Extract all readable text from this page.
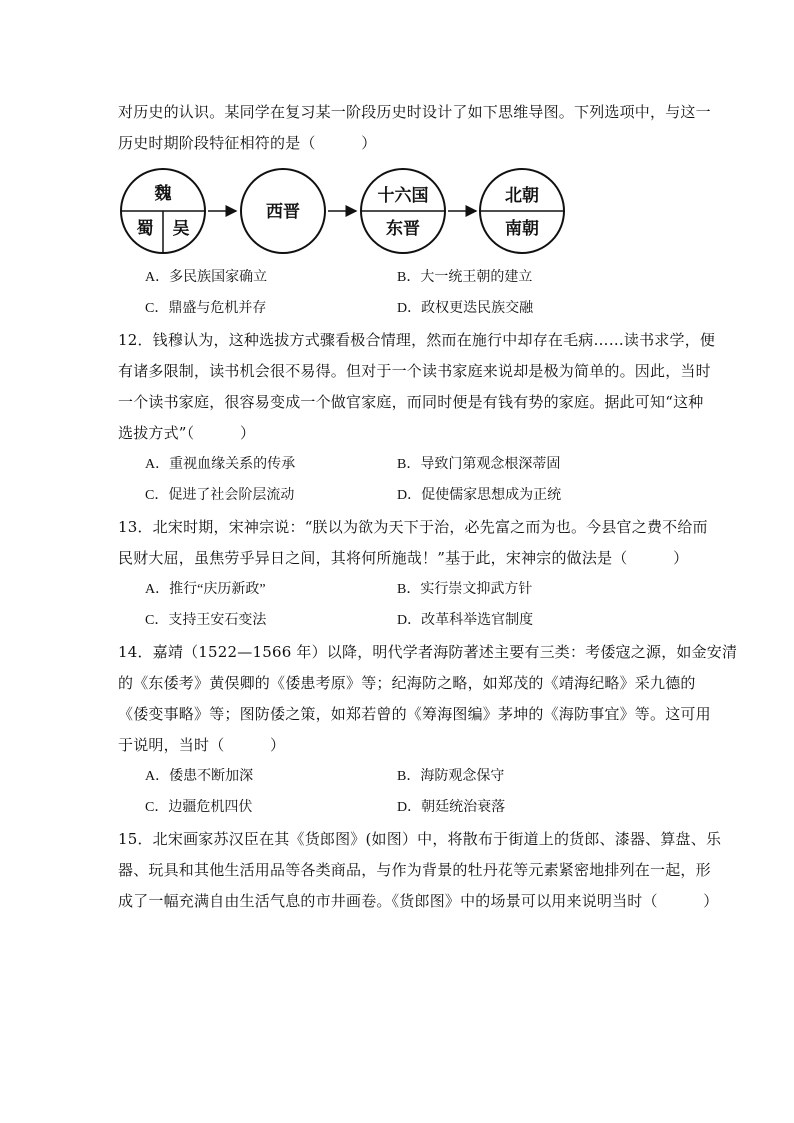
对历史的认识。某同学在复习某一阶段历史时设计了如下思维导图。下列选项中，与这一
历史时期阶段特征相符的是（　　　）
魏
蜀 吴
西晋
十六国
东晋
北朝
南朝
A．多民族国家确立	B．大一统王朝的建立
C．鼎盛与危机并存	D．政权更迭民族交融
12．钱穆认为，这种选拔方式骤看极合情理，然而在施行中却存在毛病……读书求学，便
有诸多限制，读书机会很不易得。但对于一个读书家庭来说却是极为简单的。因此，当时
一个读书家庭，很容易变成一个做官家庭，而同时便是有钱有势的家庭。据此可知“这种
选拔方式”（　　　）
A．重视血缘关系的传承	B．导致门第观念根深蒂固
C．促进了社会阶层流动	D．促使儒家思想成为正统
13．北宋时期，宋神宗说：“朕以为欲为天下于治，必先富之而为也。今县官之费不给而
民财大屈，虽焦劳乎异日之间，其将何所施哉！”基于此，宋神宗的做法是（　　　）
A．推行“庆历新政”	B．实行崇文抑武方针
C．支持王安石变法	D．改革科举选官制度
14．嘉靖（1522—1566 年）以降，明代学者海防著述主要有三类：考倭寇之源，如金安清
的《东倭考》黄俣卿的《倭患考原》等；纪海防之略，如郑茂的《靖海纪略》采九德的
《倭变事略》等；图防倭之策，如郑若曾的《筹海图编》茅坤的《海防事宜》等。这可用
于说明，当时（　　　）
A．倭患不断加深	B．海防观念保守
C．边疆危机四伏	D．朝廷统治衰落
15．北宋画家苏汉臣在其《货郎图》(如图）中，将散布于街道上的货郎、漆器、算盘、乐
器、玩具和其他生活用品等各类商品，与作为背景的牡丹花等元素紧密地排列在一起，形
成了一幅充满自由生活气息的市井画卷。《货郎图》中的场景可以用来说明当时（　　　）
